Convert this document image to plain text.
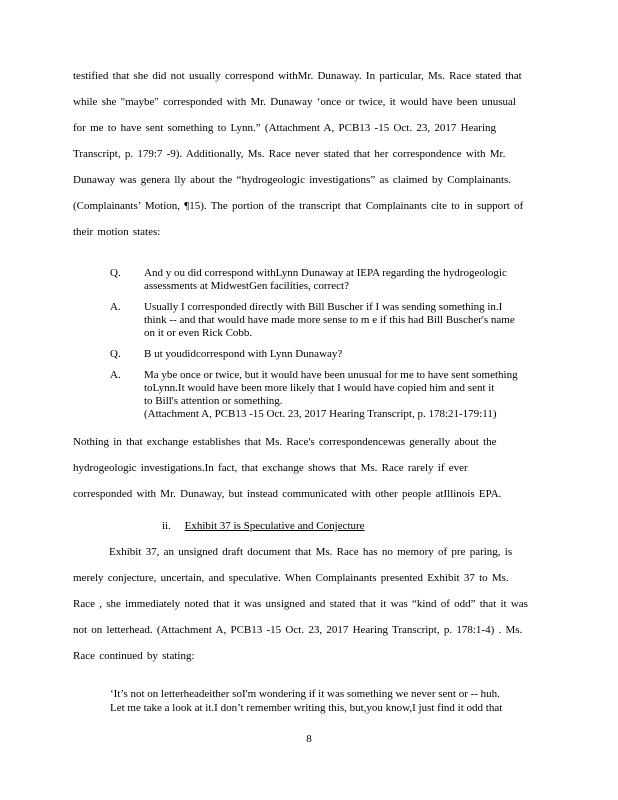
testified that she did not usually correspond withMr. Dunaway. In particular, Ms. Race stated that
while she "maybe" corresponded with Mr. Dunaway ‘once or twice, it would have been unusual
for me to have sent something to Lynn.” (Attachment A, PCB13 -15 Oct. 23, 2017 Hearing
Transcript, p. 179:7 -9). Additionally, Ms. Race never stated that her correspondence with Mr.
Dunaway was genera lly about the “hydrogeologic investigations” as claimed by Complainants.
(Complainants’ Motion, ¶15). The portion of the transcript that Complainants cite to in support of
their motion states:
Q.	And y ou did correspond withLynn Dunaway at IEPA regarding the hydrogeologic
assessments at MidwestGen facilities, correct?
A.	Usually I corresponded directly with Bill Buscher if I was sending something in.I
think -- and that would have made more sense to m e if this had Bill Buscher's name
on it or even Rick Cobb.
Q.	B ut youdidcorrespond with Lynn Dunaway?
A.	Ma ybe once or twice, but it would have been unusual for me to have sent something
toLynn.It would have been more likely that I would have copied him and sent it
to Bill's attention or something.
(Attachment A, PCB13 -15 Oct. 23, 2017 Hearing Transcript, p. 178:21-179:11)
Nothing in that exchange establishes that Ms. Race's correspondencewas generally about the
hydrogeologic investigations.In fact, that exchange shows that Ms. Race rarely if ever
corresponded with Mr. Dunaway, but instead communicated with other people atIllinois EPA.
ii. Exhibit 37 is Speculative and Conjecture
Exhibit 37, an unsigned draft document that Ms. Race has no memory of pre paring, is
merely conjecture, uncertain, and speculative. When Complainants presented Exhibit 37 to Ms.
Race , she immediately noted that it was unsigned and stated that it was “kind of odd” that it was
not on letterhead. (Attachment A, PCB13 -15 Oct. 23, 2017 Hearing Transcript, p. 178:1-4) . Ms.
Race continued by stating:
‘It’s not on letterheadeither soI'm wondering if it was something we never sent or -- huh.
Let me take a look at it.I don’t remember writing this, but,you know,I just find it odd that
8
